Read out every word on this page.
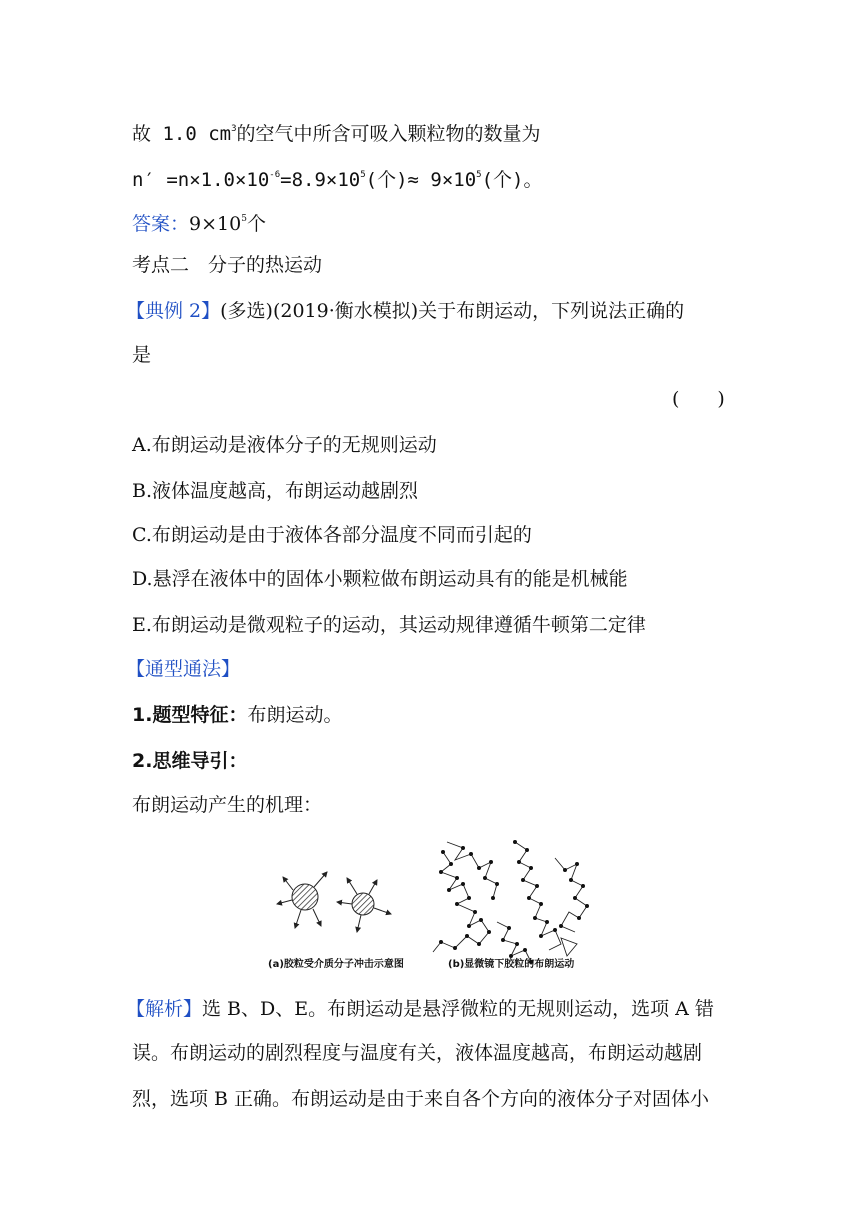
故 1.0 $cm^3$的空气中所含可吸入颗粒物的数量为
$n' =n\times 1.0\times 10^{-6}=8.9\times 10^5$(个)≈ $9\times 10^5$(个)。
答案：$9\times 10^5$个
考点二　分子的热运动
【典例 2】(多选)(2019·衡水模拟)关于布朗运动，下列说法正确的
是
(　　)
A.布朗运动是液体分子的无规则运动
B.液体温度越高，布朗运动越剧烈
C.布朗运动是由于液体各部分温度不同而引起的
D.悬浮在液体中的固体小颗粒做布朗运动具有的能是机械能
E.布朗运动是微观粒子的运动，其运动规律遵循牛顿第二定律
【通型通法】
1.题型特征：布朗运动。
2.思维导引：
布朗运动产生的机理：
(a)胶粒受介质分子冲击示意图	(b)显微镜下胶粒的布朗运动
【解析】选 B、D、E。布朗运动是悬浮微粒的无规则运动，选项 A 错
误。布朗运动的剧烈程度与温度有关，液体温度越高，布朗运动越剧
烈，选项 B 正确。布朗运动是由于来自各个方向的液体分子对固体小
